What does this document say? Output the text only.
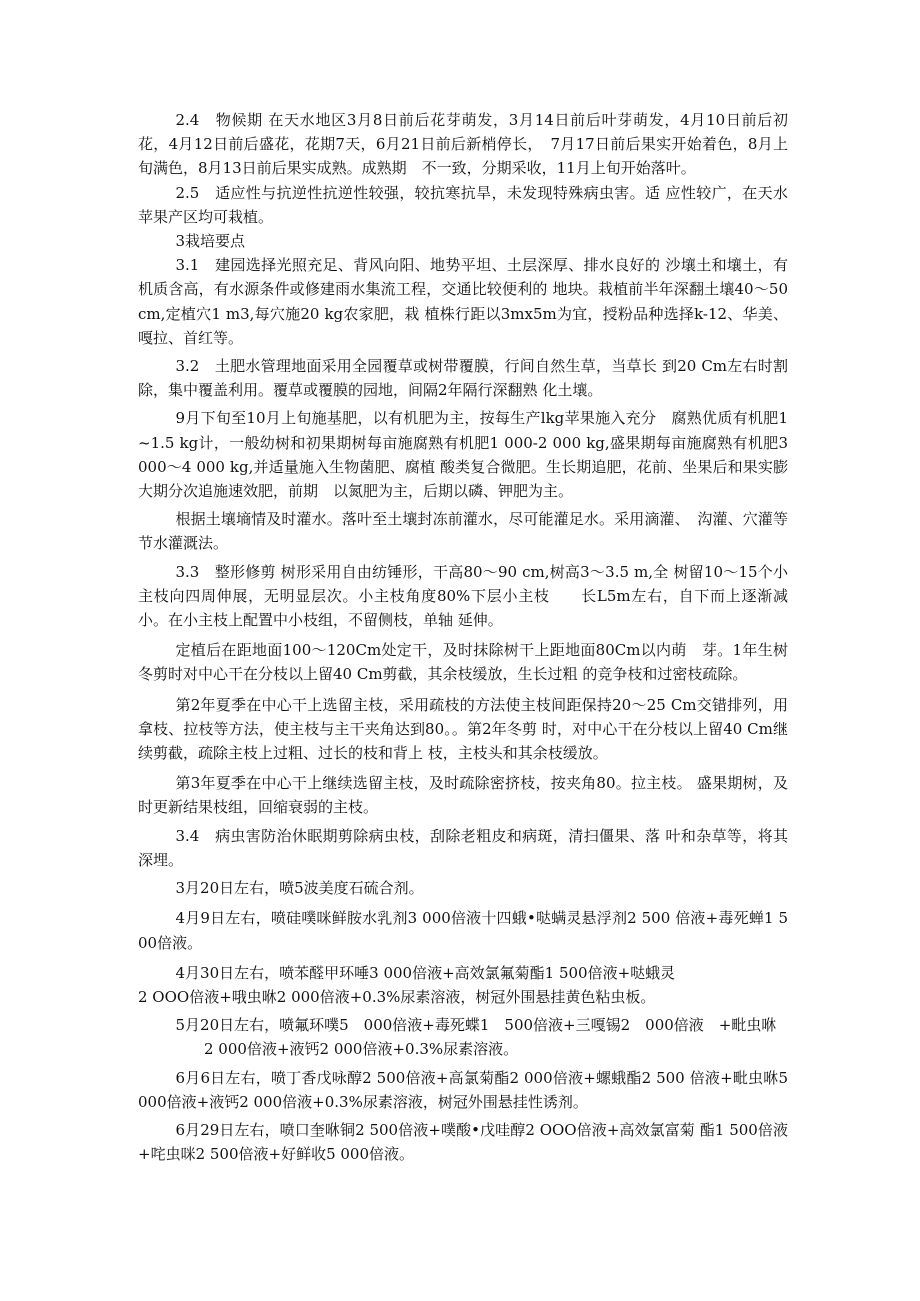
2.4　物候期 在天水地区3月8日前后花芽萌发，3月14日前后叶芽萌发，4月10日前后初花，4月12日前后盛花，花期7天，6月21日前后新梢停长，　7月17日前后果实开始着色，8月上旬满色，8月13日前后果实成熟。成熟期　不一致，分期采收，11月上旬开始落叶。

2.5　适应性与抗逆性抗逆性较强，较抗寒抗旱，未发现特殊病虫害。适 应性较广，在天水苹果产区均可栽植。

3栽培要点

3.1　建园选择光照充足、背风向阳、地势平坦、土层深厚、排水良好的 沙壤土和壤土，有机质含高，有水源条件或修建雨水集流工程，交通比较便利的 地块。栽植前半年深翻土壤40～50 cm,定植穴1 m3,每穴施20 kg农家肥，栽 植株行距以3mx5m为宜，授粉品种选择k-12、华美、嘎拉、首红等。

3.2　土肥水管理地面采用全园覆草或树带覆膜，行间自然生草，当草长 到20 Cm左右时割除，集中覆盖利用。覆草或覆膜的园地，间隔2年隔行深翻熟 化土壤。

9月下旬至10月上旬施基肥，以有机肥为主，按每生产lkg苹果施入充分　腐熟优质有机肥1~1.5 kg计，一般幼树和初果期树每亩施腐熟有机肥1 000-2 000 kg,盛果期每亩施腐熟有机肥3 000～4 000 kg,并适量施入生物菌肥、腐植 酸类复合微肥。生长期追肥，花前、坐果后和果实膨大期分次追施速效肥，前期　以氮肥为主，后期以磷、钾肥为主。

根据土壤墒情及时灌水。落叶至土壤封冻前灌水，尽可能灌足水。采用滴灌、　沟灌、穴灌等节水灌溉法。

3.3　整形修剪 树形采用自由纺锤形，干高80～90 cm,树高3～3.5 m,全 树留10～15个小主枝向四周伸展，无明显层次。小主枝角度80%下层小主枝　　长L5m左右，自下而上逐渐减小。在小主枝上配置中小枝组，不留侧枝，单轴 延伸。

定植后在距地面100～120Cm处定干，及时抹除树干上距地面80Cm以内萌　芽。1年生树冬剪时对中心干在分枝以上留40 Cm剪截，其余枝缓放，生长过粗 的竞争枝和过密枝疏除。

第2年夏季在中心干上选留主枝，采用疏枝的方法使主枝间距保持20～25 Cm交错排列，用拿枝、拉枝等方法，使主枝与主干夹角达到80。。第2年冬剪 时，对中心干在分枝以上留40 Cm继续剪截，疏除主枝上过粗、过长的枝和背上 枝，主枝头和其余枝缓放。

第3年夏季在中心干上继续选留主枝，及时疏除密挤枝，按夹角80。拉主枝。 盛果期树，及时更新结果枝组，回缩衰弱的主枝。

3.4　病虫害防治休眠期剪除病虫枝，刮除老粗皮和病斑，清扫僵果、落 叶和杂草等，将其深埋。

3月20日左右，喷5波美度石硫合剂。

4月9日左右，喷硅噗咪鲜胺水乳剂3 000倍液十四蛾•哒螨灵悬浮剂2 500 倍液+毒死蝉1 500倍液。

4月30日左右，喷苯醛甲环唾3 000倍液+高效氯氟菊酯1 500倍液+哒蛾灵

2 OOO倍液+哦虫咻2 000倍液+0.3%尿素溶液，树冠外围悬挂黄色粘虫板。

5月20日左右，喷氟环噗5　000倍液+毒死蝶1　500倍液+三嘎锡2　000倍液　+毗虫咻

2 000倍液+液钙2 000倍液+0.3%尿素溶液。

6月6日左右，喷丁香戊咏醇2 500倍液+高氯菊酯2 000倍液+螺蛾酯2 500 倍液+毗虫咻5 000倍液+液钙2 000倍液+0.3%尿素溶液，树冠外围悬挂性诱剂。

6月29日左右，喷口奎咻铜2 500倍液+噗酸•戊哇醇2 OOO倍液+高效氯富菊 酯1 500倍液+咤虫咪2 500倍液+好鲜收5 000倍液。
